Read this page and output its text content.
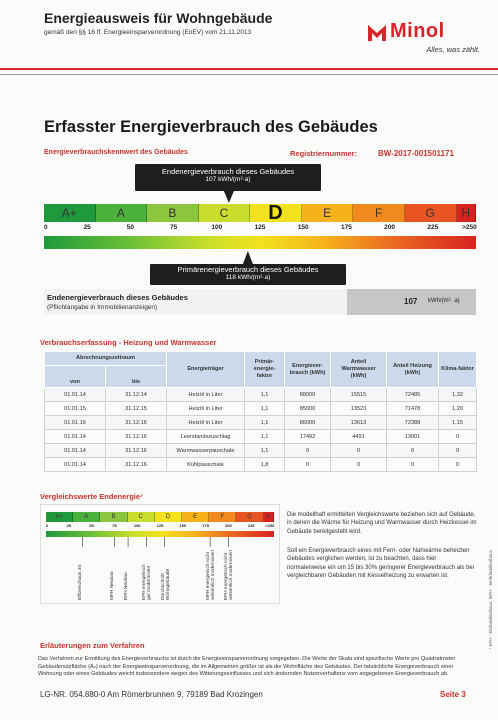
Energieausweis für Wohngebäude
gemäß den §§ 16 ff. Energieeinsparverordnung (EnEV) vom 21.11.2013	Minol
Alles, was zählt.
Erfasster Energieverbrauch des Gebäudes
Energieverbrauchskennwert des Gebäudes	Registriernummer:	BW-2017-001501171
Endenergieverbrauch dieses Gebäudes
107 kWh/(m²·a)
A+	A	B	C	D	E	F	G	H
0	25	50	75	100	125	150	175	200	225	>250
Primärenergieverbrauch dieses Gebäudes
118 kWh/(m²·a)
Endenergieverbrauch dieses Gebäudes
(Pflichtangabe in Immobilienanzeigen)
107 kWh/(m²· a)
Verbrauchserfassung - Heizung und Warmwasser
Abrechnungszeitraum		Energieträger	Primär-energie-faktor	Energiever-brauch (kWh)	Anteil Warmwasser (kWh)	Anteil Heizung (kWh)	Klima-faktor
von	bis						
01.01.14	31.12.14	Heizöl in Liter	1,1	88000	15515	72485	1,32
01.01.15	31.12.15	Heizöl in Liter	1,1	85000	13523	71478	1,20
01.01.16	31.12.16	Heizöl in Liter	1,1	86000	13613	72388	1,15
01.01.14	31.12.16	Leerstandszuschlag	1,1	17492	4491	13001	0
01.01.14	31.12.16	Warmwasserpauschale	1,1	0	0	0	0
01.01.14	31.12.16	Kühlpauschale	1,8	0	0	0	0
Vergleichswerte Endenergie¹
A+	A	B	C	D	E	F	G	H
0	25	50	75	100	125	150	175	200	225	>250
Effizienzhaus 40	MFH Neubau EFH Neubau	EFH energetisch
gut modernisiert Durchschnitt
Wohngebäude	MFH energetisch nicht
wesentlich modernisiert
EFH energetisch nicht
wesentlich modernisiert

Die modellhaft ermittelten Vergleichswerte beziehen sich auf Gebäude, in denen die Wärme für Heizung und Warmwasser durch Heizkessel im Gebäude bereitgestellt wird.

Soll ein Energieverbrauch eines mit Fern- oder Nahwärme beheizten Gebäudes verglichen werden, ist zu beachten, dass hier normalerweise ein um 15 bis 30% geringerer Energieverbrauch als bei vergleichbaren Gebäuden mit Kesselheizung zu erwarten ist.	¹ EFH - Einfamilienhaus, MFH - Mehrfamilienhaus
Erläuterungen zum Verfahren

Das Verfahren zur Ermittlung des Energieverbrauchs ist durch die Energieeinsparverordnung vorgegeben. Die Werte der Skala sind spezifische Werte pro Quadratmeter Gebäudenutzfläche (Aₙ) nach der Energieeinsparverordnung, die im Allgemeinen größer ist als die Wohnfläche des Gebäudes. Der tatsächliche Energieverbrauch einer Wohnung oder eines Gebäudes weicht insbesondere wegen des Witterungseinflusses und sich ändernden Nutzerverhaltens vom angegebenen Energieverbrauch ab.

LG-NR. 054.880-0 Am Römerbrunnen 9, 79189 Bad Krozingen	Seite 3
